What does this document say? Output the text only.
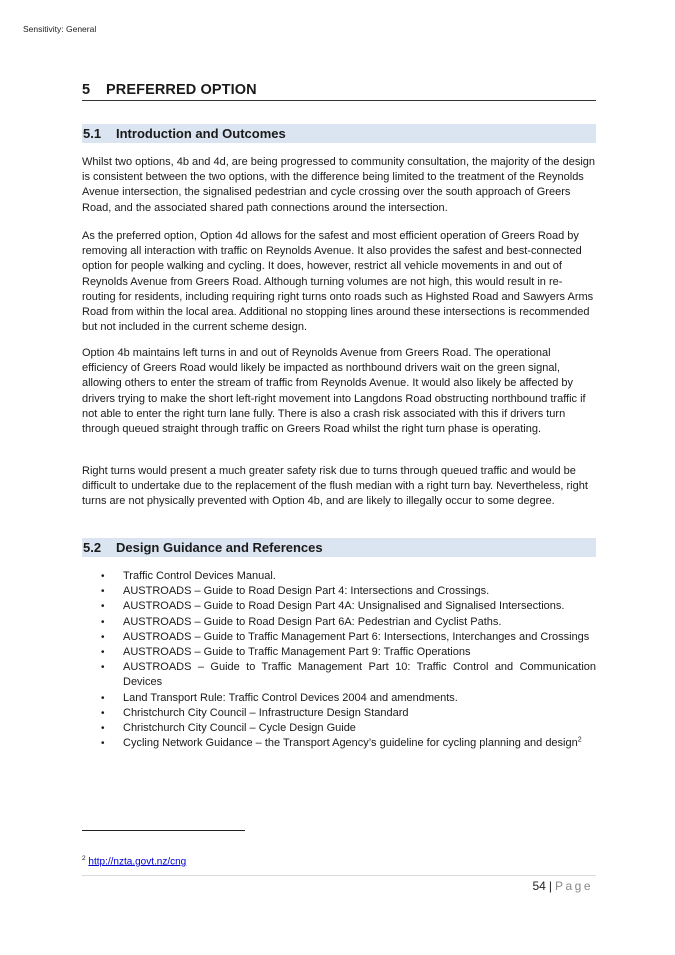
Sensitivity: General
5 PREFERRED OPTION
5.1 Introduction and Outcomes

Whilst two options, 4b and 4d, are being progressed to community consultation, the majority of the design is consistent between the two options, with the difference being limited to the treatment of the Reynolds Avenue intersection, the signalised pedestrian and cycle crossing over the south approach of Greers Road, and the associated shared path connections around the intersection.

As the preferred option, Option 4d allows for the safest and most efficient operation of Greers Road by removing all interaction with traffic on Reynolds Avenue. It also provides the safest and best-connected option for people walking and cycling. It does, however, restrict all vehicle movements in and out of Reynolds Avenue from Greers Road. Although turning volumes are not high, this would result in re-routing for residents, including requiring right turns onto roads such as Highsted Road and Sawyers Arms Road from within the local area. Additional no stopping lines around these intersections is recommended but not included in the current scheme design.

Option 4b maintains left turns in and out of Reynolds Avenue from Greers Road. The operational efficiency of Greers Road would likely be impacted as northbound drivers wait on the green signal, allowing others to enter the stream of traffic from Reynolds Avenue. It would also likely be affected by drivers trying to make the short left-right movement into Langdons Road obstructing northbound traffic if not able to enter the right turn lane fully. There is also a crash risk associated with this if drivers turn through queued straight through traffic on Greers Road whilst the right turn phase is operating.

Right turns would present a much greater safety risk due to turns through queued traffic and would be difficult to undertake due to the replacement of the flush median with a right turn bay. Nevertheless, right turns are not physically prevented with Option 4b, and are likely to illegally occur to some degree.

5.2 Design Guidance and References
• Traffic Control Devices Manual.
• AUSTROADS – Guide to Road Design Part 4: Intersections and Crossings.
• AUSTROADS – Guide to Road Design Part 4A: Unsignalised and Signalised Intersections.
• AUSTROADS – Guide to Road Design Part 6A: Pedestrian and Cyclist Paths.
• AUSTROADS – Guide to Traffic Management Part 6: Intersections, Interchanges and Crossings
• AUSTROADS – Guide to Traffic Management Part 9: Traffic Operations
• AUSTROADS – Guide to Traffic Management Part 10: Traffic Control and Communication Devices
• Land Transport Rule: Traffic Control Devices 2004 and amendments.
• Christchurch City Council – Infrastructure Design Standard
• Christchurch City Council – Cycle Design Guide
• Cycling Network Guidance – the Transport Agency’s guideline for cycling planning and design$^2$
$^2$ http://nzta.govt.nz/cng
54 | Page
